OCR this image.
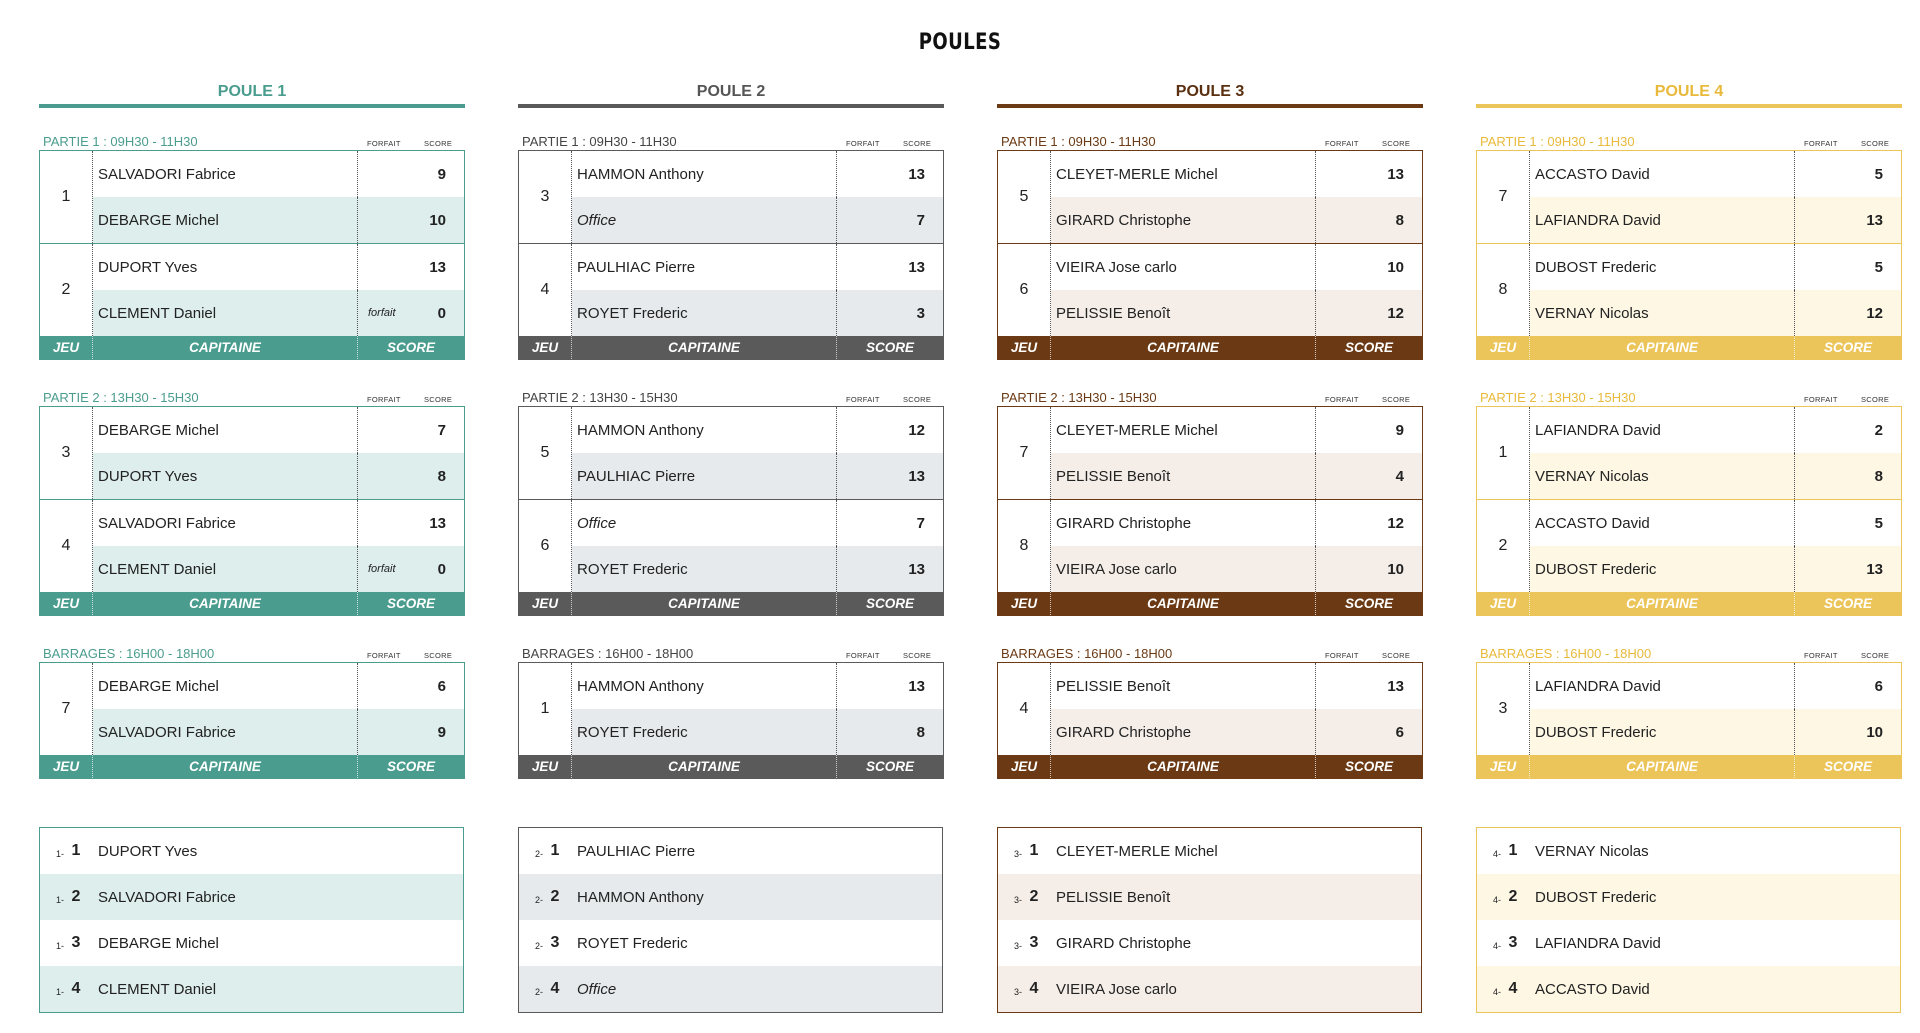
POULES
POULE 1
PARTIE 1 : 09H30 - 11H30	FORFAIT	SCORE
1
SALVADORI Fabrice	9
DEBARGE Michel	10
2
DUPORT Yves	13
CLEMENT Daniel	forfait	0
JEU	CAPITAINE	SCORE
PARTIE 2 : 13H30 - 15H30	FORFAIT	SCORE
3
DEBARGE Michel	7
DUPORT Yves	8
4
SALVADORI Fabrice	13
CLEMENT Daniel	forfait	0
JEU	CAPITAINE	SCORE
BARRAGES : 16H00 - 18H00	FORFAIT	SCORE
7
DEBARGE Michel	6
SALVADORI Fabrice	9
JEU	CAPITAINE	SCORE
1- 1	DUPORT Yves
1- 2	SALVADORI Fabrice
1- 3	DEBARGE Michel
1- 4	CLEMENT Daniel
POULE 2
PARTIE 1 : 09H30 - 11H30	FORFAIT	SCORE
3
HAMMON Anthony	13
Office	7
4
PAULHIAC Pierre	13
ROYET Frederic	3
JEU	CAPITAINE	SCORE
PARTIE 2 : 13H30 - 15H30	FORFAIT	SCORE
5
HAMMON Anthony	12
PAULHIAC Pierre	13
6
Office	7
ROYET Frederic	13
JEU	CAPITAINE	SCORE
BARRAGES : 16H00 - 18H00	FORFAIT	SCORE
1
HAMMON Anthony	13
ROYET Frederic	8
JEU	CAPITAINE	SCORE
2- 1	PAULHIAC Pierre
2- 2	HAMMON Anthony
2- 3	ROYET Frederic
2- 4	Office
POULE 3
PARTIE 1 : 09H30 - 11H30	FORFAIT	SCORE
5
CLEYET-MERLE Michel	13
GIRARD Christophe	8
6
VIEIRA Jose carlo	10
PELISSIE Benoît	12
JEU	CAPITAINE	SCORE
PARTIE 2 : 13H30 - 15H30	FORFAIT	SCORE
7
CLEYET-MERLE Michel	9
PELISSIE Benoît	4
8
GIRARD Christophe	12
VIEIRA Jose carlo	10
JEU	CAPITAINE	SCORE
BARRAGES : 16H00 - 18H00	FORFAIT	SCORE
4
PELISSIE Benoît	13
GIRARD Christophe	6
JEU	CAPITAINE	SCORE
3- 1	CLEYET-MERLE Michel
3- 2	PELISSIE Benoît
3- 3	GIRARD Christophe
3- 4	VIEIRA Jose carlo
POULE 4
PARTIE 1 : 09H30 - 11H30	FORFAIT	SCORE
7
ACCASTO David	5
LAFIANDRA David	13
8
DUBOST Frederic	5
VERNAY Nicolas	12
JEU	CAPITAINE	SCORE
PARTIE 2 : 13H30 - 15H30	FORFAIT	SCORE
1
LAFIANDRA David	2
VERNAY Nicolas	8
2
ACCASTO David	5
DUBOST Frederic	13
JEU	CAPITAINE	SCORE
BARRAGES : 16H00 - 18H00	FORFAIT	SCORE
3
LAFIANDRA David	6
DUBOST Frederic	10
JEU	CAPITAINE	SCORE
4- 1	VERNAY Nicolas
4- 2	DUBOST Frederic
4- 3	LAFIANDRA David
4- 4	ACCASTO David
